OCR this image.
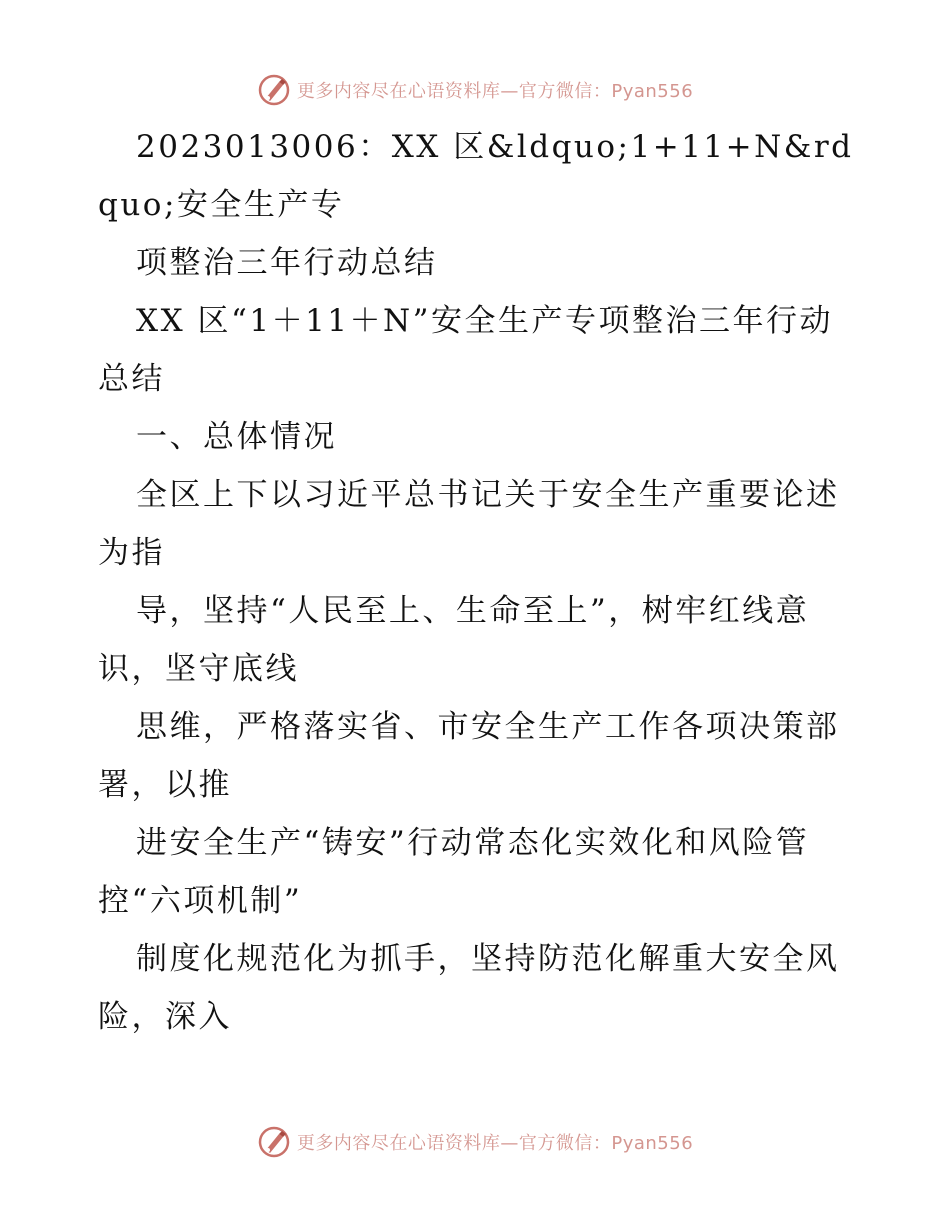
更多内容尽在心语资料库—官方微信：Pyan556

2023013006：XX 区&ldquo;1+11+N&rdquo;安全生产专

项整治三年行动总结

XX 区“1＋11＋N”安全生产专项整治三年行动总结

一、总体情况

全区上下以习近平总书记关于安全生产重要论述为指

导，坚持“人民至上、生命至上”，树牢红线意识，坚守底线

思维，严格落实省、市安全生产工作各项决策部署，以推

进安全生产“铸安”行动常态化实效化和风险管控“六项机制”

制度化规范化为抓手，坚持防范化解重大安全风险，深入

更多内容尽在心语资料库—官方微信：Pyan556
